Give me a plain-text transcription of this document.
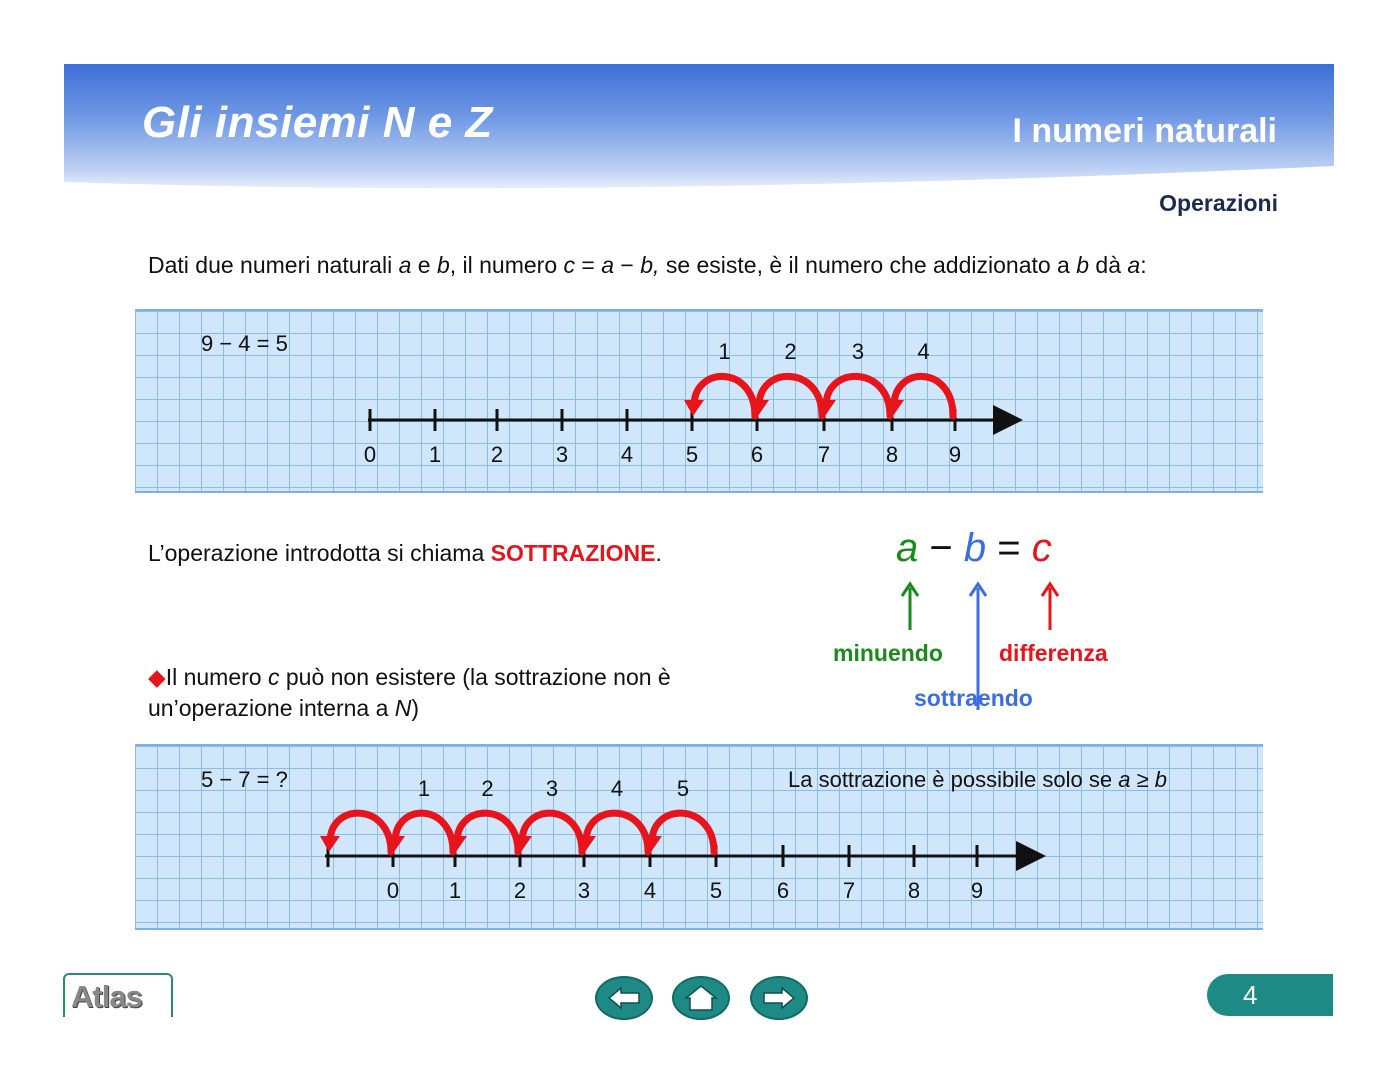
Gli insiemi N e Z	I numeri naturali
Operazioni
Dati due numeri naturali a e b, il numero c = a − b, se esiste, è il numero che addizionato a b dà a:
9 − 4 = 5
0 1 2 3 4 5 6 7	8 9
1 2	3 4
L’operazione introdotta si chiama SOTTRAZIONE.	a − b = c
minuendo differenza
sottraendo
◆Il numero c può non esistere (la sottrazione non è un’operazione interna a N)
5 − 7 = ?	La sottrazione è possibile solo se a ≥ b
0 1 2 3 4 5 6 7 8 9
1 2 3 4 5
Atlas	4
